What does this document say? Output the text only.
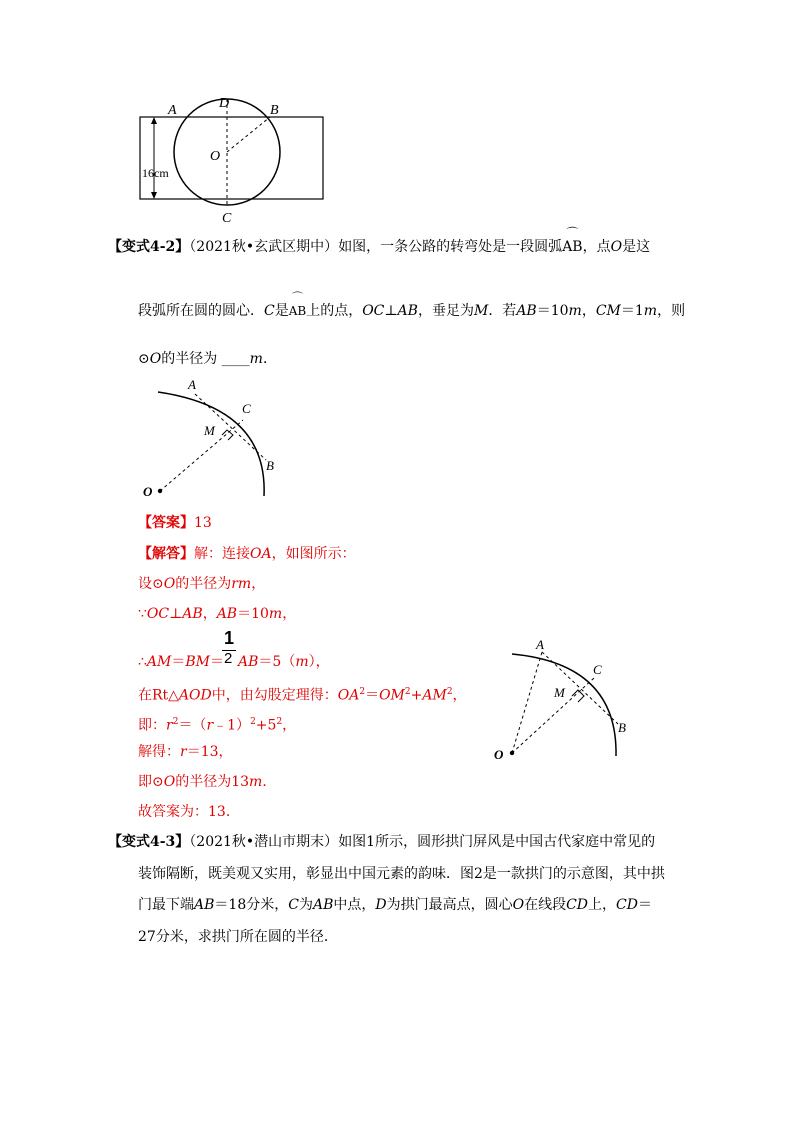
A	D	B
O
C
16cm
【变式4-2】（2021秋•玄武区期中）如图，一条公路的转弯处是一段圆弧
⌒
AB，点O是这
段弧所在圆的圆心．C是
⌒
AB上的点，OC⊥AB，垂足为M．若AB＝10m，CM＝1m，则
⊙O的半径为 ____m．
A
C
M
B
O
【答案】13
【解答】解：连接OA，如图所示：
设⊙O的半径为rm，
∵OC⊥AB，AB＝10m，
∴AM＝BM＝ AB＝5（m），
1
2
在Rt△AOD中，由勾股定理得：$OA^2=OM^2+AM^2$，
即：$r^2=(r﹣1)^2+5^2$，
解得：r＝13，
即⊙O的半径为13m．
故答案为：13．
A
C
M
B
O
【变式4-3】（2021秋•潜山市期末）如图1所示，圆形拱门屏风是中国古代家庭中常见的
装饰隔断，既美观又实用，彰显出中国元素的韵味．图2是一款拱门的示意图，其中拱
门最下端AB＝18分米，C为AB中点，D为拱门最高点，圆心O在线段CD上，CD＝
27分米，求拱门所在圆的半径．
